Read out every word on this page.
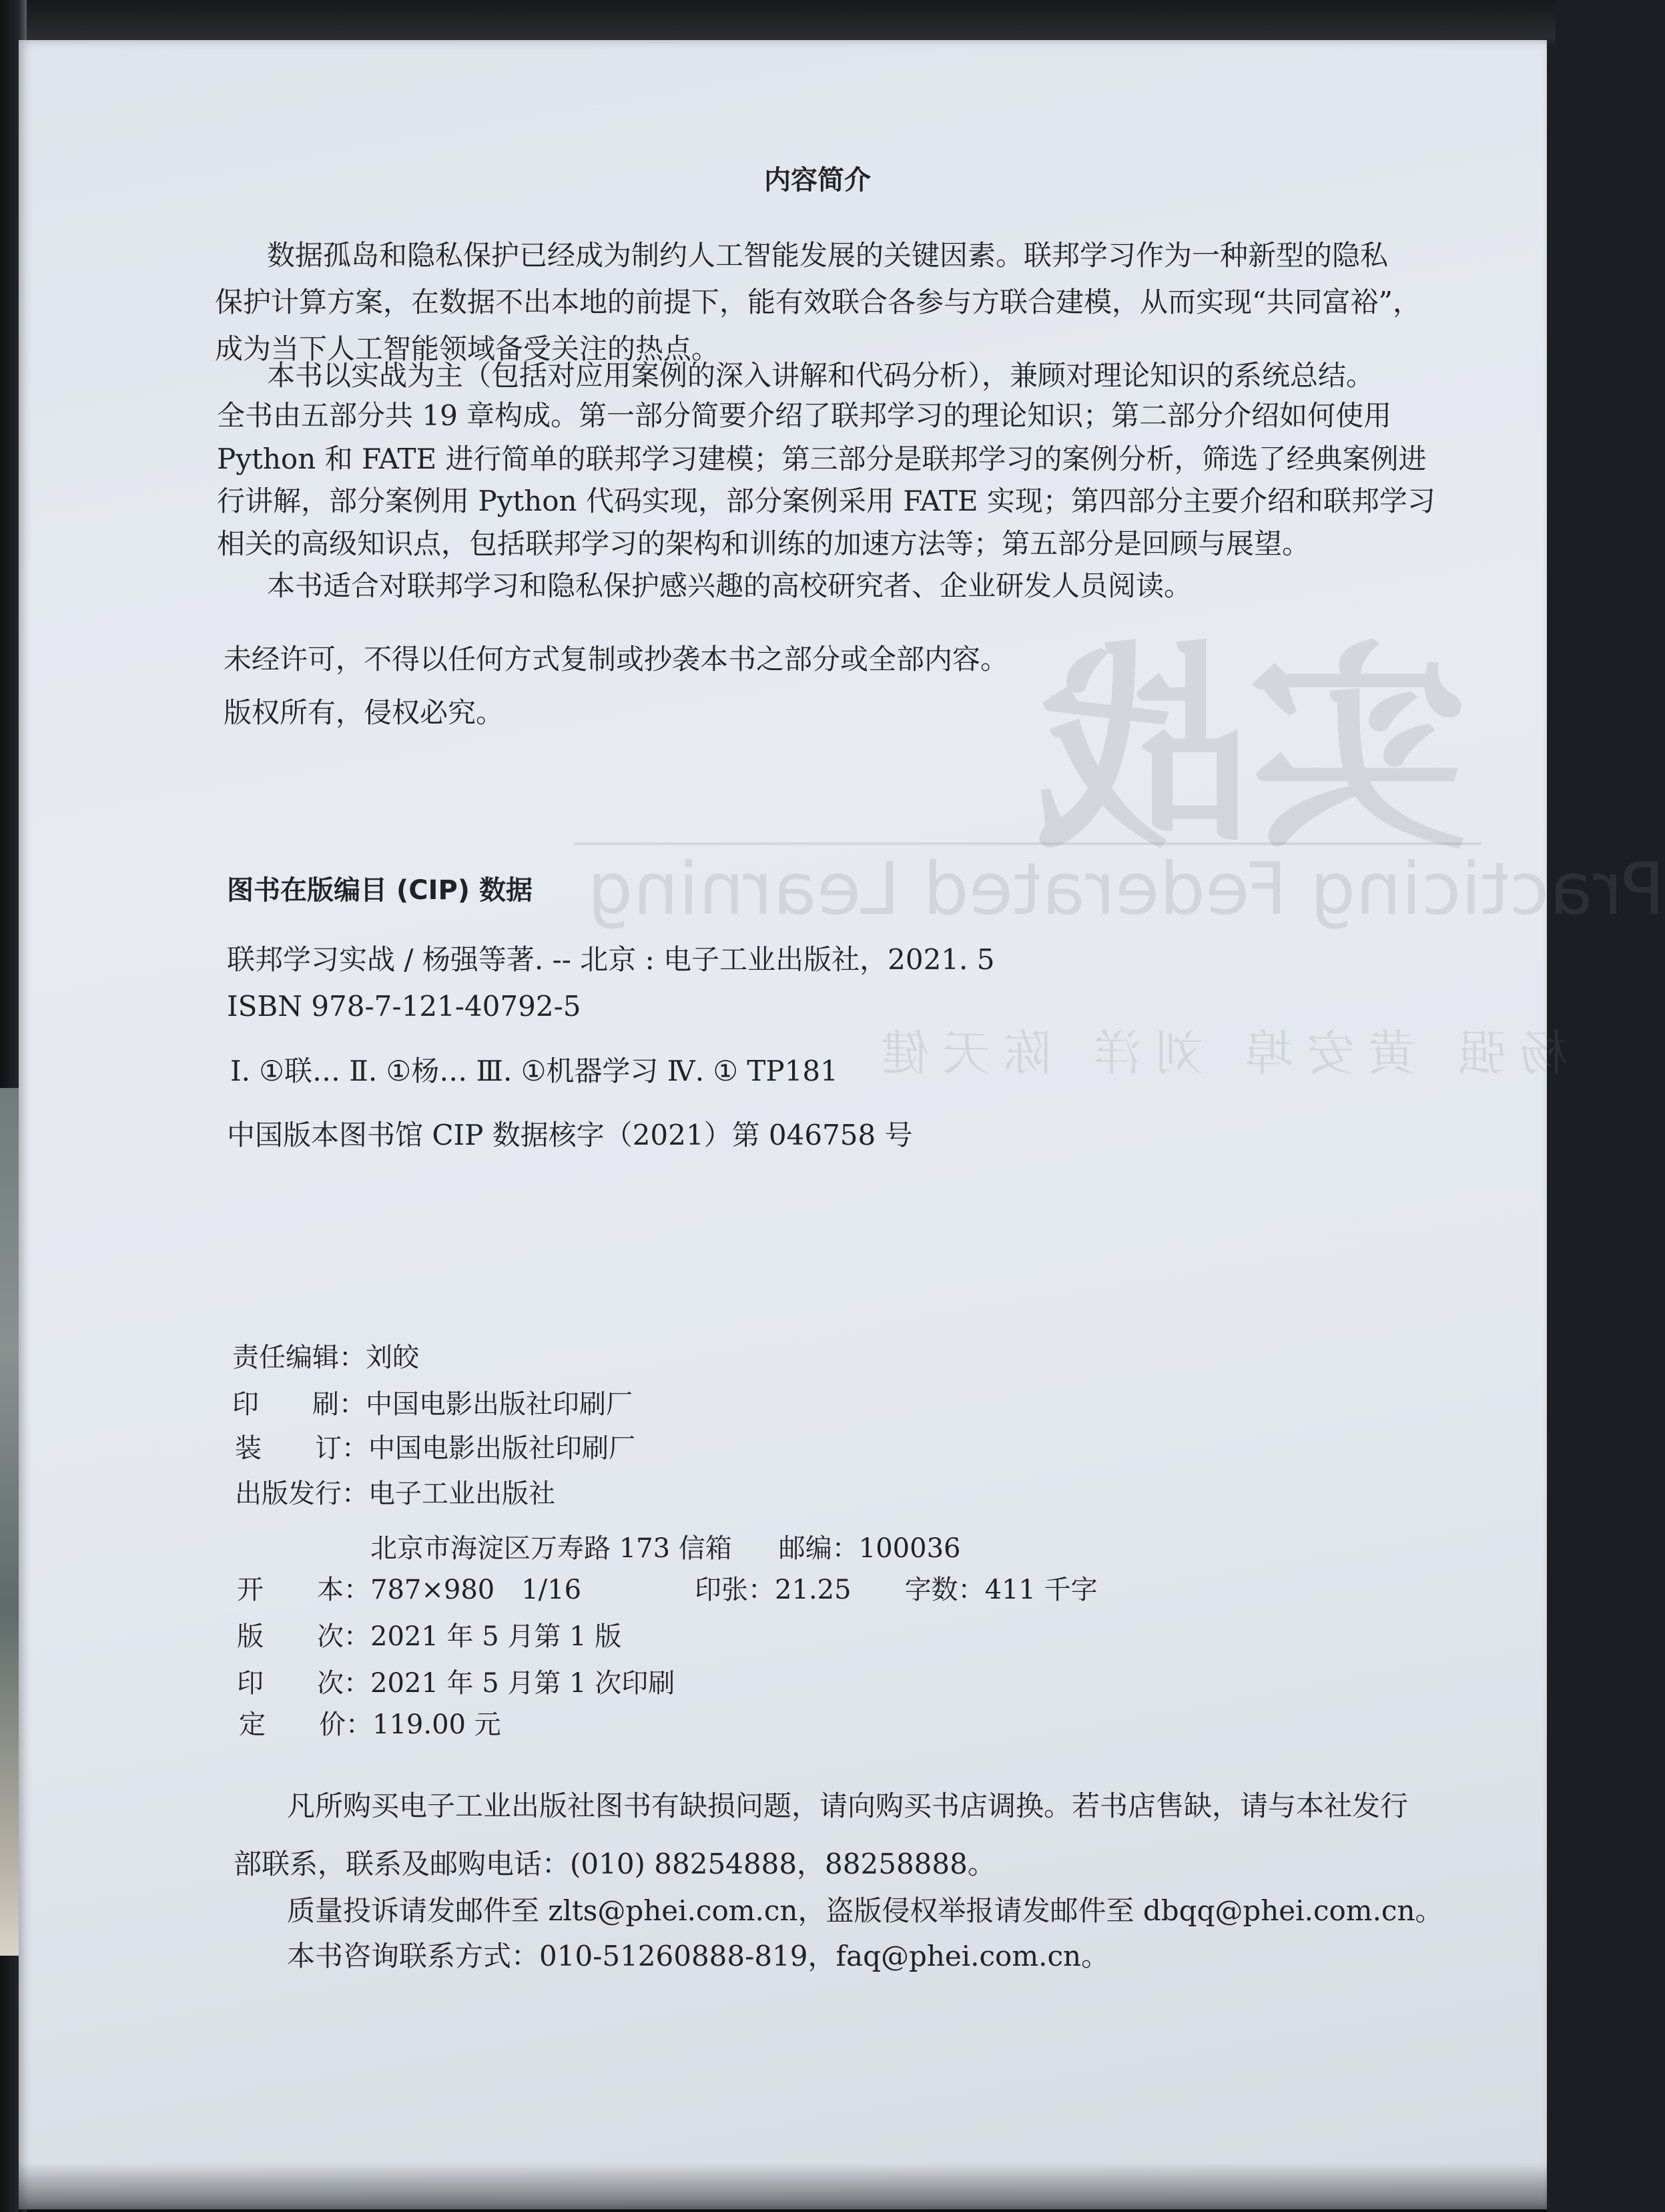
实战
Practicing Federated Learning
杨强 黄安埠 刘洋 陈天健
内容简介
数据孤岛和隐私保护已经成为制约人工智能发展的关键因素。联邦学习作为一种新型的隐私
保护计算方案，在数据不出本地的前提下，能有效联合各参与方联合建模，从而实现“共同富裕”，
成为当下人工智能领域备受关注的热点。
本书以实战为主（包括对应用案例的深入讲解和代码分析），兼顾对理论知识的系统总结。
全书由五部分共 19 章构成。第一部分简要介绍了联邦学习的理论知识；第二部分介绍如何使用
Python 和 FATE 进行简单的联邦学习建模；第三部分是联邦学习的案例分析，筛选了经典案例进
行讲解，部分案例用 Python 代码实现，部分案例采用 FATE 实现；第四部分主要介绍和联邦学习
相关的高级知识点，包括联邦学习的架构和训练的加速方法等；第五部分是回顾与展望。
本书适合对联邦学习和隐私保护感兴趣的高校研究者、企业研发人员阅读。
未经许可，不得以任何方式复制或抄袭本书之部分或全部内容。
版权所有，侵权必究。
图书在版编目 (CIP) 数据
联邦学习实战 / 杨强等著. -- 北京 : 电子工业出版社，2021. 5
ISBN 978-7-121-40792-5
Ⅰ. ①联… Ⅱ. ①杨… Ⅲ. ①机器学习 Ⅳ. ① TP181
中国版本图书馆 CIP 数据核字（2021）第 046758 号
责任编辑：刘皎
印　　刷：中国电影出版社印刷厂
装　　订：中国电影出版社印刷厂
出版发行：电子工业出版社
北京市海淀区万寿路 173 信箱 邮编：100036
开　　本：787×980　1/16	印张：21.25 字数：411 千字
版　　次：2021 年 5 月第 1 版
印　　次：2021 年 5 月第 1 次印刷
定　　价：119.00 元
凡所购买电子工业出版社图书有缺损问题，请向购买书店调换。若书店售缺，请与本社发行
部联系，联系及邮购电话：(010) 88254888，88258888。
质量投诉请发邮件至 zlts@phei.com.cn，盗版侵权举报请发邮件至 dbqq@phei.com.cn。
本书咨询联系方式：010-51260888-819，faq@phei.com.cn。
